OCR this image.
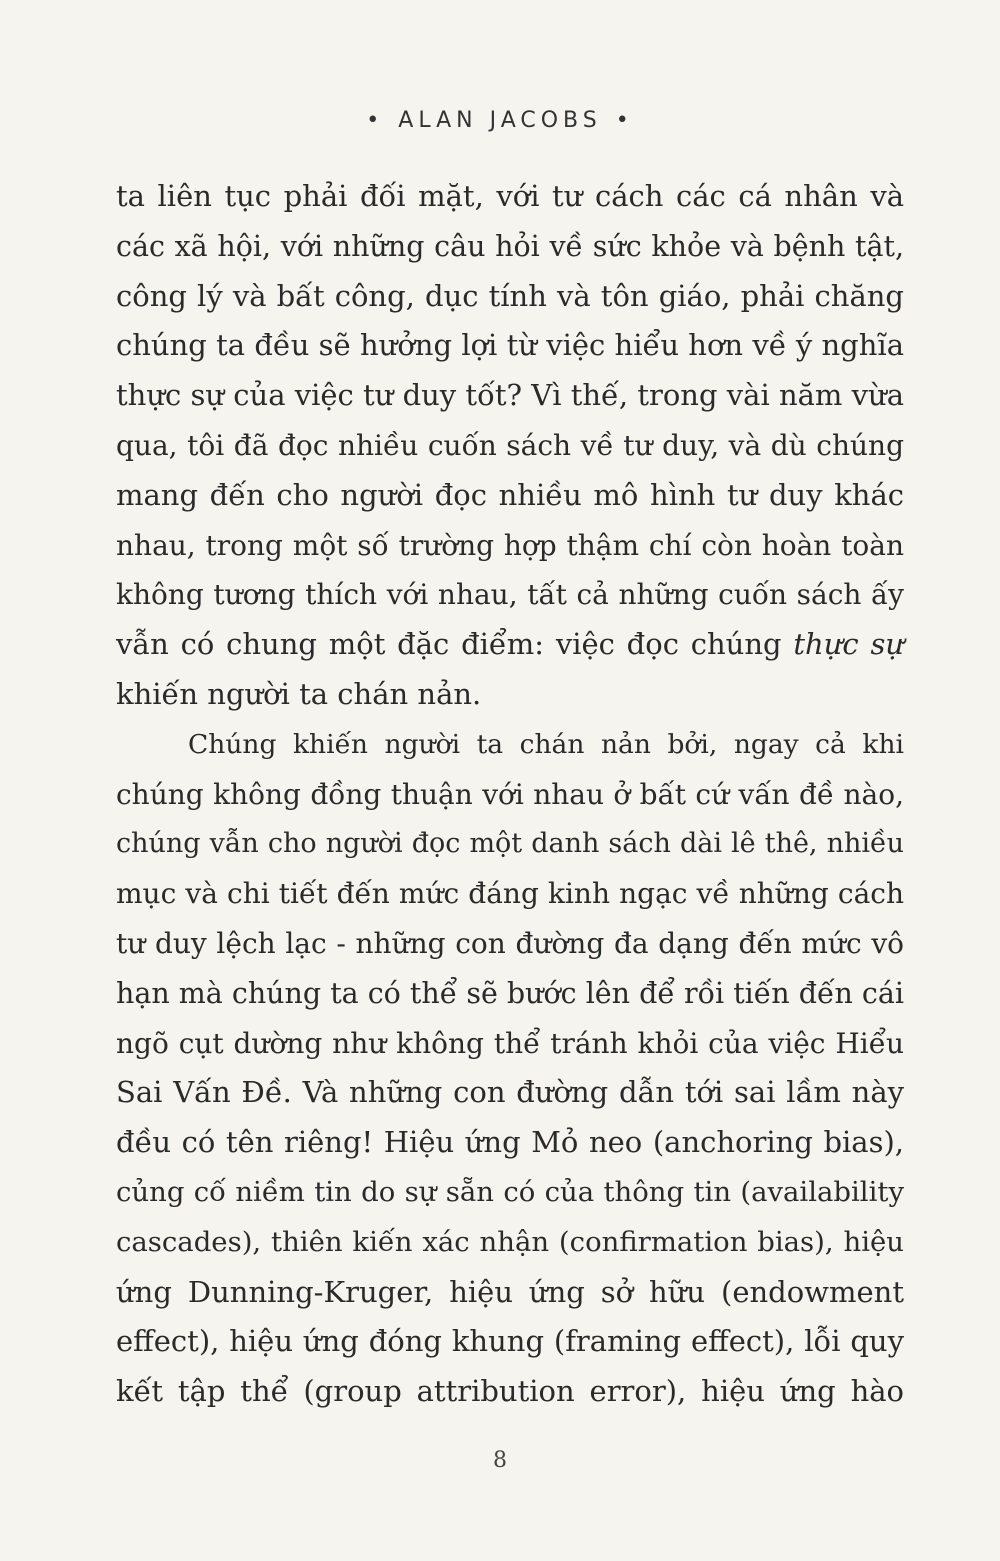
• ALAN JACOBS •
ta liên tục phải đối mặt, với tư cách các cá nhân và
các xã hội, với những câu hỏi về sức khỏe và bệnh tật,
công lý và bất công, dục tính và tôn giáo, phải chăng
chúng ta đều sẽ hưởng lợi từ việc hiểu hơn về ý nghĩa
thực sự của việc tư duy tốt? Vì thế, trong vài năm vừa
qua, tôi đã đọc nhiều cuốn sách về tư duy, và dù chúng
mang đến cho người đọc nhiều mô hình tư duy khác
nhau, trong một số trường hợp thậm chí còn hoàn toàn
không tương thích với nhau, tất cả những cuốn sách ấy
vẫn có chung một đặc điểm: việc đọc chúng thực sự
khiến người ta chán nản.
Chúng khiến người ta chán nản bởi, ngay cả khi
chúng không đồng thuận với nhau ở bất cứ vấn đề nào,
chúng vẫn cho người đọc một danh sách dài lê thê, nhiều
mục và chi tiết đến mức đáng kinh ngạc về những cách
tư duy lệch lạc - những con đường đa dạng đến mức vô
hạn mà chúng ta có thể sẽ bước lên để rồi tiến đến cái
ngõ cụt dường như không thể tránh khỏi của việc Hiểu
Sai Vấn Đề. Và những con đường dẫn tới sai lầm này
đều có tên riêng! Hiệu ứng Mỏ neo (anchoring bias),
củng cố niềm tin do sự sẵn có của thông tin (availability
cascades), thiên kiến xác nhận (confirmation bias), hiệu
ứng Dunning-Kruger, hiệu ứng sở hữu (endowment
effect), hiệu ứng đóng khung (framing effect), lỗi quy
kết tập thể (group attribution error), hiệu ứng hào
8
